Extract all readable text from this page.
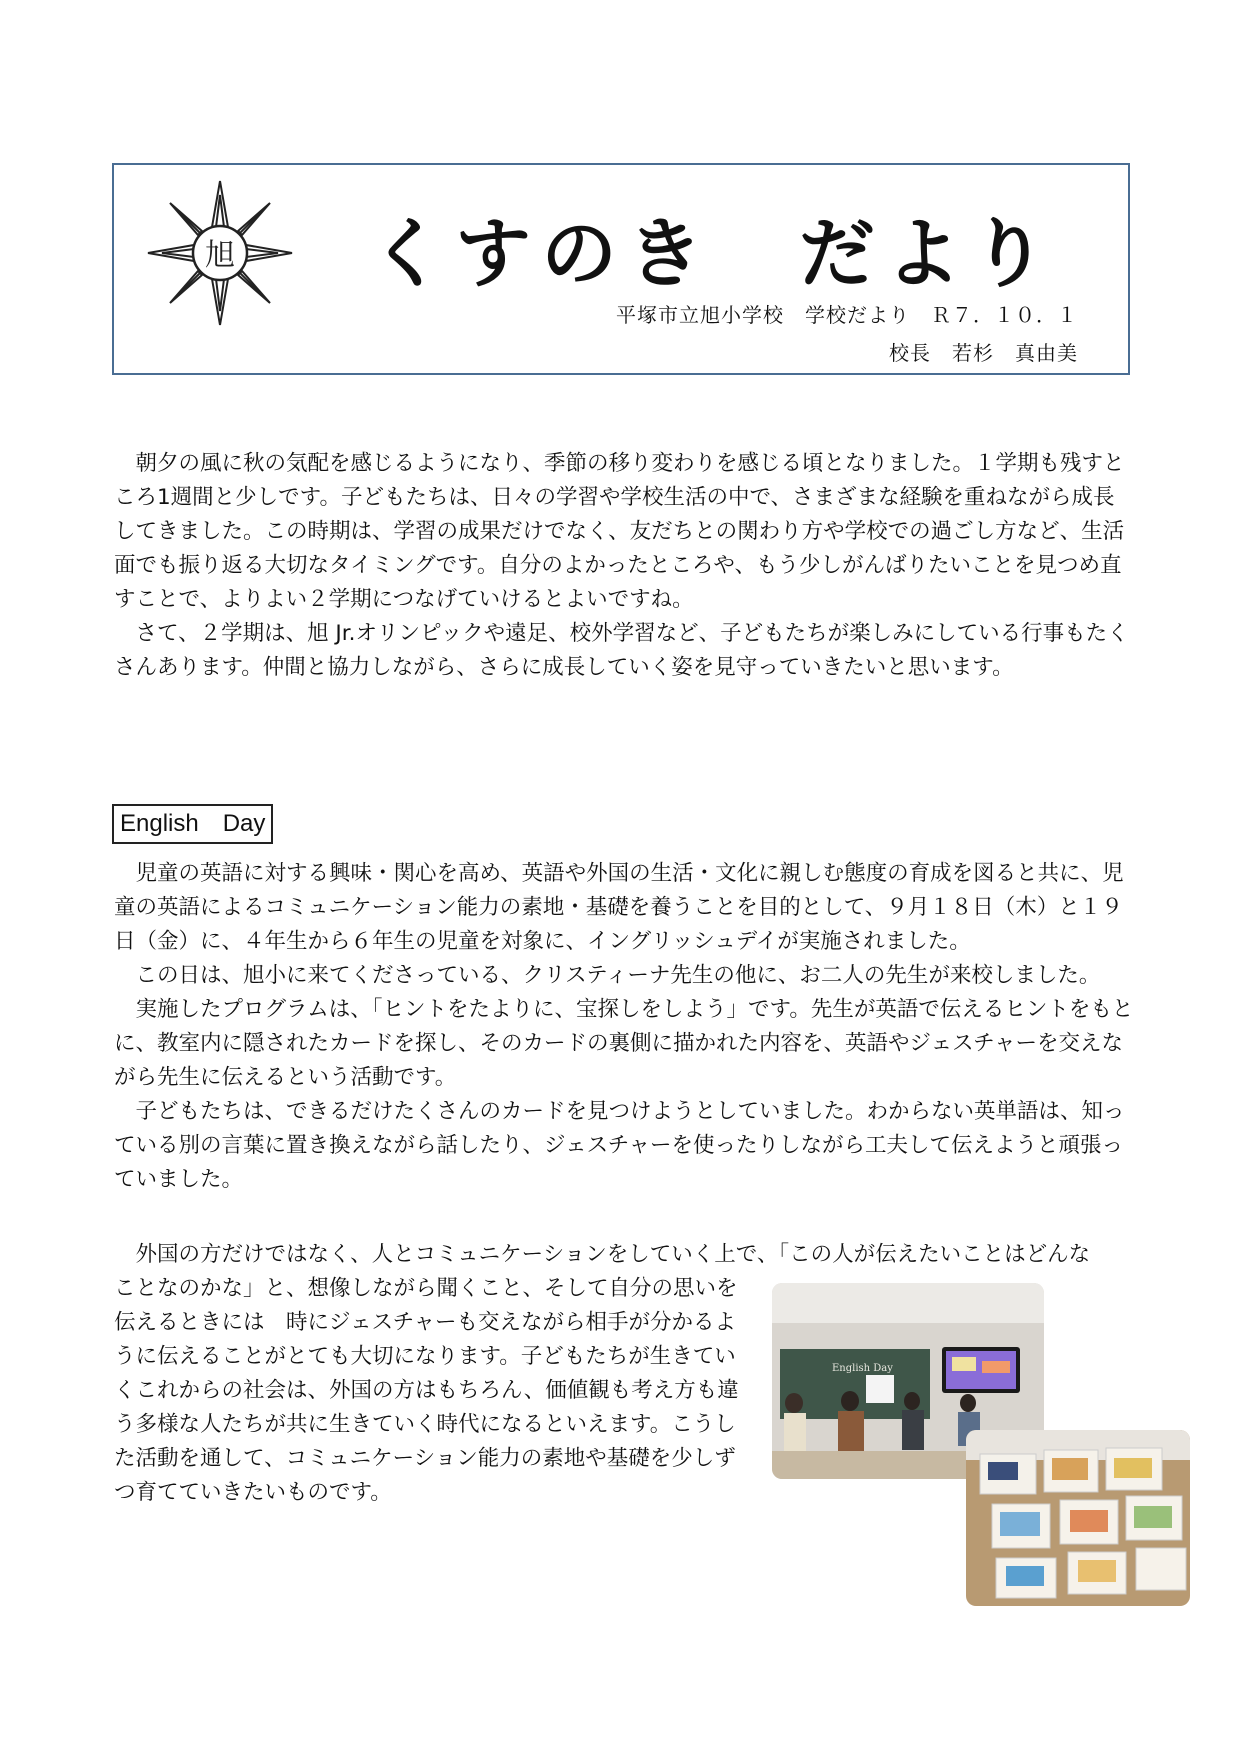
旭 くすのき　だより
平塚市立旭小学校　学校だより　Ｒ７．１０．１
校長　若杉　真由美

　朝夕の風に秋の気配を感じるようになり、季節の移り変わりを感じる頃となりました。１学期も残すところ1週間と少しです。子どもたちは、日々の学習や学校生活の中で、さまざまな経験を重ねながら成長してきました。この時期は、学習の成果だけでなく、友だちとの関わり方や学校での過ごし方など、生活面でも振り返る大切なタイミングです。自分のよかったところや、もう少しがんばりたいことを見つめ直すことで、よりよい２学期につなげていけるとよいですね。
　さて、２学期は、旭 Jr.オリンピックや遠足、校外学習など、子どもたちが楽しみにしている行事もたくさんあります。仲間と協力しながら、さらに成長していく姿を見守っていきたいと思います。

English　Day

　児童の英語に対する興味・関心を高め、英語や外国の生活・文化に親しむ態度の育成を図ると共に、児童の英語によるコミュニケーション能力の素地・基礎を養うことを目的として、９月１８日（木）と１９日（金）に、４年生から６年生の児童を対象に、イングリッシュデイが実施されました。
　この日は、旭小に来てくださっている、クリスティーナ先生の他に、お二人の先生が来校しました。
　実施したプログラムは、「ヒントをたよりに、宝探しをしよう」です。先生が英語で伝えるヒントをもとに、教室内に隠されたカードを探し、そのカードの裏側に描かれた内容を、英語やジェスチャーを交えながら先生に伝えるという活動です。
　子どもたちは、できるだけたくさんのカードを見つけようとしていました。わからない英単語は、知っている別の言葉に置き換えながら話したり、ジェスチャーを使ったりしながら工夫して伝えようと頑張っていました。

　外国の方だけではなく、人とコミュニケーションをしていく上で、「この人が伝えたいことはどんな

ことなのかな」と、想像しながら聞くこと、そして自分の思いを伝えるときには　時にジェスチャーも交えながら相手が分かるように伝えることがとても大切になります。子どもたちが生きていくこれからの社会は、外国の方はもちろん、価値観も考え方も違う多様な人たちが共に生きていく時代になるといえます。こうした活動を通して、コミュニケーション能力の素地や基礎を少しずつ育てていきたいものです。

English Day
